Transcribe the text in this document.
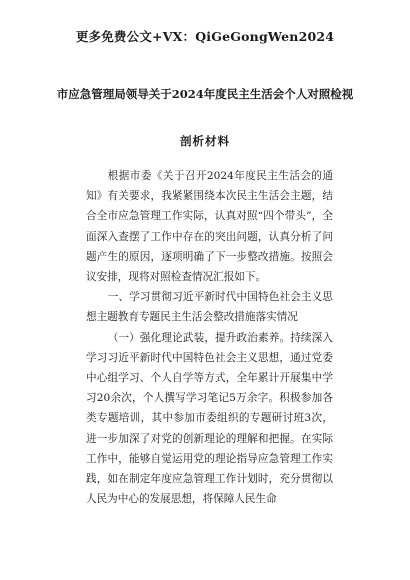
更多免费公文+VX：QiGeGongWen2024
市应急管理局领导关于2024年度民主生活会个人对照检视
剖析材料

根据市委《关于召开2024年度民主生活会的通知》有关要求，我紧紧围绕本次民主生活会主题，结合全市应急管理工作实际，认真对照“四个带头”，全面深入查摆了工作中存在的突出问题，认真分析了问题产生的原因，逐项明确了下一步整改措施。按照会议安排，现将对照检查情况汇报如下。

一、学习贯彻习近平新时代中国特色社会主义思想主题教育专题民主生活会整改措施落实情况

（一）强化理论武装，提升政治素养。持续深入学习习近平新时代中国特色社会主义思想，通过党委中心组学习、个人自学等方式，全年累计开展集中学习20余次，个人撰写学习笔记5万余字。积极参加各类专题培训，其中参加市委组织的专题研讨班3次，进一步加深了对党的创新理论的理解和把握。在实际工作中，能够自觉运用党的理论指导应急管理工作实践，如在制定年度应急管理工作计划时，充分贯彻以人民为中心的发展思想，将保障人民生命
